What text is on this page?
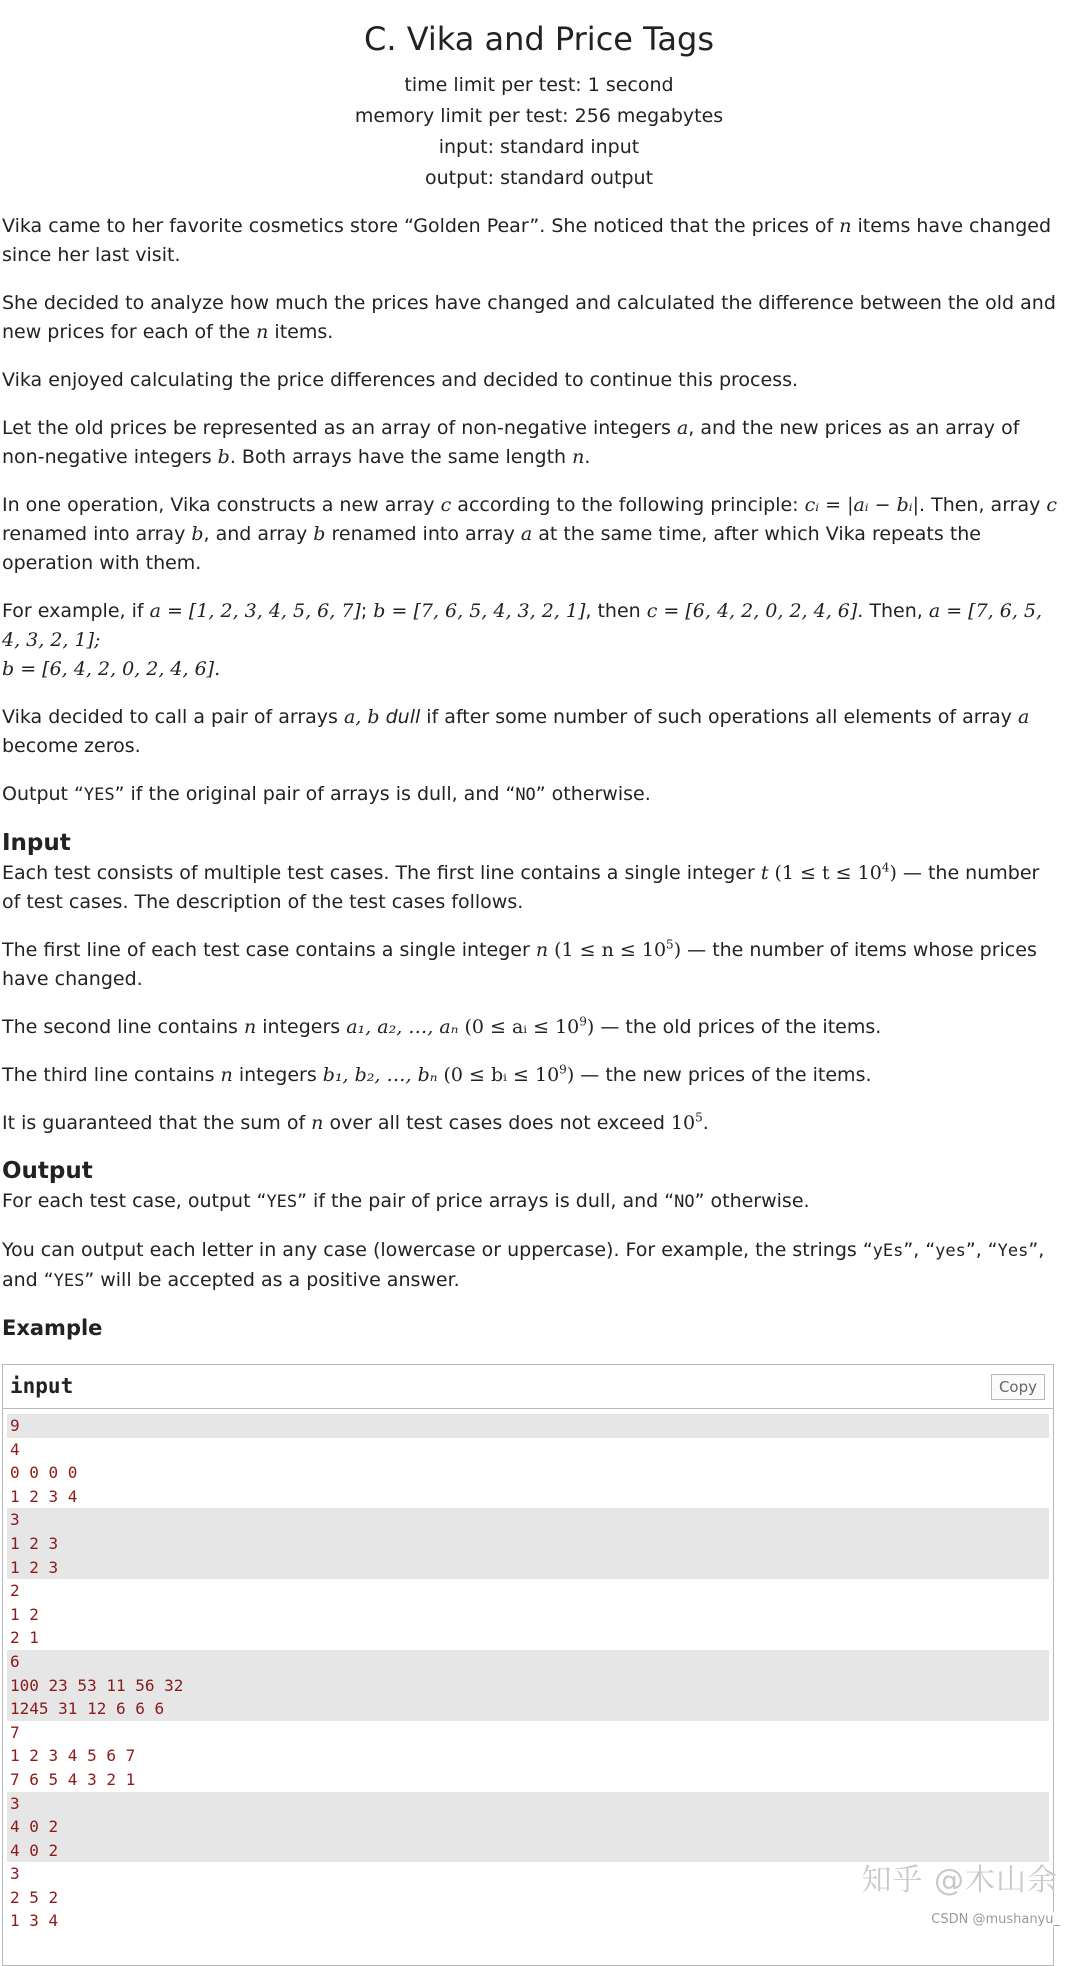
C. Vika and Price Tags
time limit per test: 1 second
memory limit per test: 256 megabytes
input: standard input
output: standard output

Vika came to her favorite cosmetics store “Golden Pear”. She noticed that the prices of n items have changed since her last visit.

She decided to analyze how much the prices have changed and calculated the difference between the old and new prices for each of the n items.

Vika enjoyed calculating the price differences and decided to continue this process.

Let the old prices be represented as an array of non-negative integers a, and the new prices as an array of non-negative integers b. Both arrays have the same length n.

In one operation, Vika constructs a new array c according to the following principle: cᵢ = |aᵢ − bᵢ|. Then, array c renamed into array b, and array b renamed into array a at the same time, after which Vika repeats the operation with them.

For example, if a = [1, 2, 3, 4, 5, 6, 7]; b = [7, 6, 5, 4, 3, 2, 1], then c = [6, 4, 2, 0, 2, 4, 6]. Then, a = [7, 6, 5, 4, 3, 2, 1];
b = [6, 4, 2, 0, 2, 4, 6].

Vika decided to call a pair of arrays a, b dull if after some number of such operations all elements of array a become zeros.

Output “YES” if the original pair of arrays is dull, and “NO” otherwise.

Input

Each test consists of multiple test cases. The first line contains a single integer t $(1 \le t \le 10^4)$ — the number of test cases. The description of the test cases follows.

The first line of each test case contains a single integer n $(1 \le n \le 10^5)$ — the number of items whose prices have changed.

The second line contains n integers a₁, a₂, …, aₙ (0 ≤ aᵢ ≤ $10^9$) — the old prices of the items.

The third line contains n integers b₁, b₂, …, bₙ (0 ≤ bᵢ ≤ $10^9$) — the new prices of the items.

It is guaranteed that the sum of n over all test cases does not exceed $10^5$.

Output

For each test case, output “YES” if the pair of price arrays is dull, and “NO” otherwise.

You can output each letter in any case (lowercase or uppercase). For example, the strings “yEs”, “yes”, “Yes”, and “YES” will be accepted as a positive answer.

Example
input	Copy
9
4
0 0 0 0
1 2 3 4
3
1 2 3
1 2 3
2
1 2
2 1
6
100 23 53 11 56 32
1245 31 12 6 6 6
7
1 2 3 4 5 6 7
7 6 5 4 3 2 1
3
4 0 2
4 0 2
3
2 5 2
1 3 4
知乎 @木山余
CSDN @mushanyu_
